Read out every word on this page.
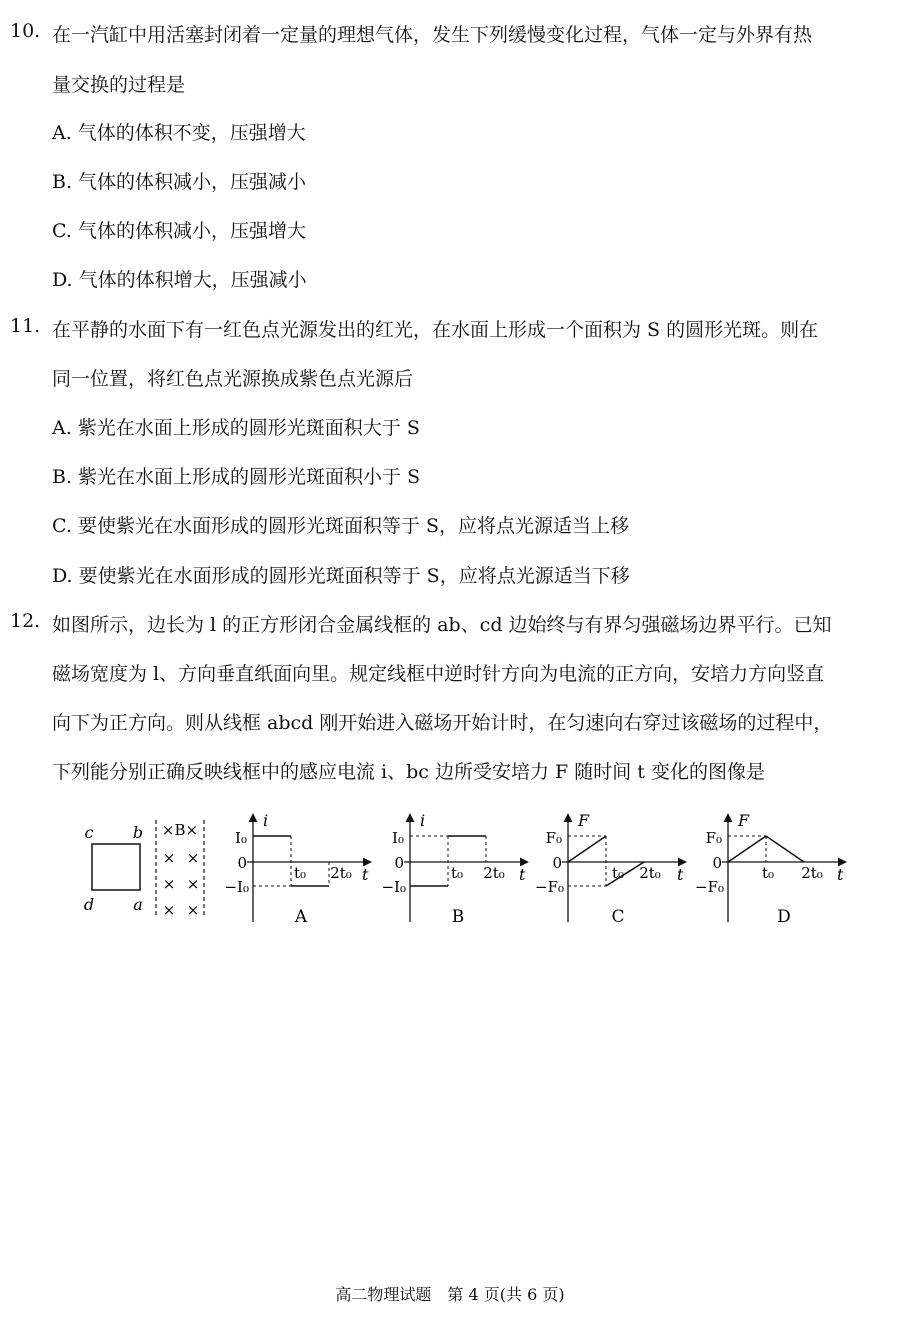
10. 在一汽缸中用活塞封闭着一定量的理想气体，发生下列缓慢变化过程，气体一定与外界有热
量交换的过程是
A. 气体的体积不变，压强增大
B. 气体的体积减小，压强减小
C. 气体的体积减小，压强增大
D. 气体的体积增大，压强减小
11. 在平静的水面下有一红色点光源发出的红光，在水面上形成一个面积为 S 的圆形光斑。则在
同一位置，将红色点光源换成紫色点光源后
A. 紫光在水面上形成的圆形光斑面积大于 S
B. 紫光在水面上形成的圆形光斑面积小于 S
C. 要使紫光在水面形成的圆形光斑面积等于 S，应将点光源适当上移
D. 要使紫光在水面形成的圆形光斑面积等于 S，应将点光源适当下移
12. 如图所示，边长为 l 的正方形闭合金属线框的 ab、cd 边始终与有界匀强磁场边界平行。已知
磁场宽度为 l、方向垂直纸面向里。规定线框中逆时针方向为电流的正方向，安培力方向竖直
向下为正方向。则从线框 abcd 刚开始进入磁场开始计时，在匀速向右穿过该磁场的过程中，
下列能分别正确反映线框中的感应电流 i、bc 边所受安培力 F 随时间 t 变化的图像是
c b
d a
×B×
× ×
× ×
× ×
i
t
I₀
0
−I₀
t₀ 2t₀
A
i
t
I₀
0
−I₀
t₀ 2t₀
B
F
t
F₀
0
−F₀
t₀ 2t₀
C
F
t
F₀
0
−F₀
t₀ 2t₀
D
高二物理试题　第 4 页(共 6 页)
